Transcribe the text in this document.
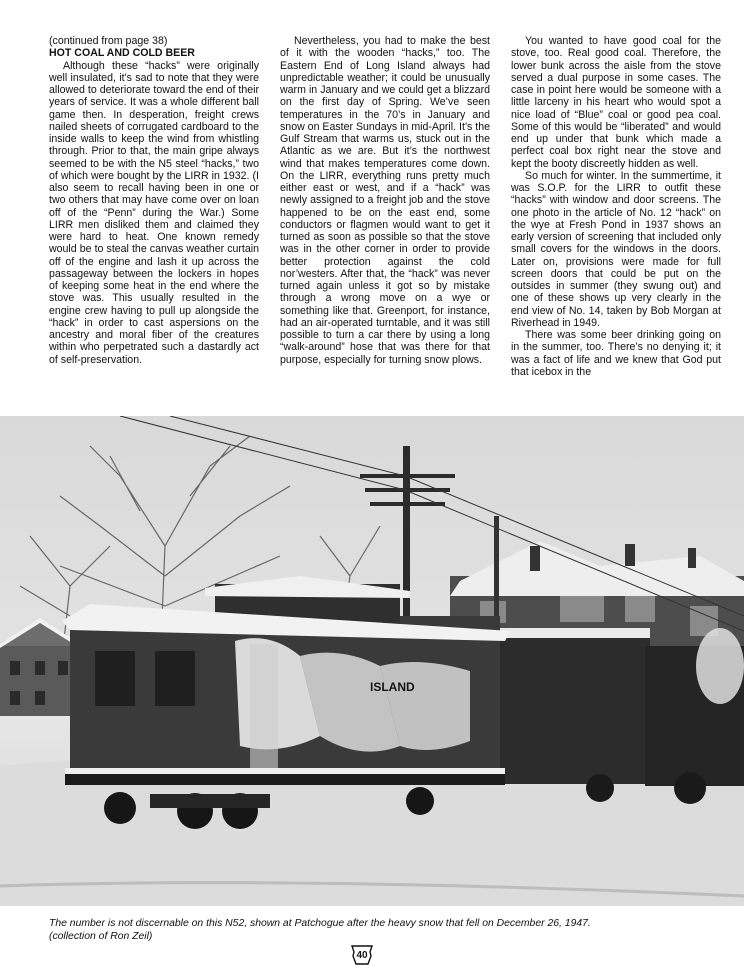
(continued from page 38)

HOT COAL AND COLD BEER

Although these “hacks” were originally well insulated, it’s sad to note that they were allowed to deteriorate toward the end of their years of service. It was a whole different ball game then. In desperation, freight crews nailed sheets of corrugated cardboard to the inside walls to keep the wind from whistling through. Prior to that, the main gripe always seemed to be with the N5 steel “hacks,” two of which were bought by the LIRR in 1932. (I also seem to recall having been in one or two others that may have come over on loan off of the “Penn” during the War.) Some LIRR men disliked them and claimed they were hard to heat. One known remedy would be to steal the canvas weather curtain off of the engine and lash it up across the passageway between the lockers in hopes of keeping some heat in the end where the stove was. This usually resulted in the engine crew having to pull up alongside the “hack” in order to cast aspersions on the ancestry and moral fiber of the creatures within who perpetrated such a dastardly act of self-preservation.

Nevertheless, you had to make the best of it with the wooden “hacks,” too. The Eastern End of Long Island always had unpredictable weather; it could be unusually warm in January and we could get a blizzard on the first day of Spring. We’ve seen temperatures in the 70’s in January and snow on Easter Sundays in mid-April. It’s the Gulf Stream that warms us, stuck out in the Atlantic as we are. But it’s the northwest wind that makes temperatures come down. On the LIRR, everything runs pretty much either east or west, and if a “hack” was newly assigned to a freight job and the stove happened to be on the east end, some conductors or flagmen would want to get it turned as soon as possible so that the stove was in the other corner in order to provide better protection against the cold nor’westers. After that, the “hack” was never turned again unless it got so by mistake through a wrong move on a wye or something like that. Greenport, for instance, had an air-operated turntable, and it was still possible to turn a car there by using a long “walk-around” hose that was there for that purpose, especially for turning snow plows.

You wanted to have good coal for the stove, too. Real good coal. Therefore, the lower bunk across the aisle from the stove served a dual purpose in some cases. The case in point here would be someone with a little larceny in his heart who would spot a nice load of “Blue” coal or good pea coal. Some of this would be “liberated” and would end up under that bunk which made a perfect coal box right near the stove and kept the booty discreetly hidden as well.

So much for winter. In the summertime, it was S.O.P. for the LIRR to outfit these “hacks” with window and door screens. The one photo in the article of No. 12 “hack” on the wye at Fresh Pond in 1937 shows an early version of screening that included only small covers for the windows in the doors. Later on, provisions were made for full screen doors that could be put on the outsides in summer (they swung out) and one of these shows up very clearly in the end view of No. 14, taken by Bob Morgan at Riverhead in 1949.

There was some beer drinking going on in the summer, too. There’s no denying it; it was a fact of life and we knew that God put that icebox in the

ISLAND

The number is not discernable on this N52, shown at Patchogue after the heavy snow that fell on December 26, 1947.

(collection of Ron Zeil)

40
